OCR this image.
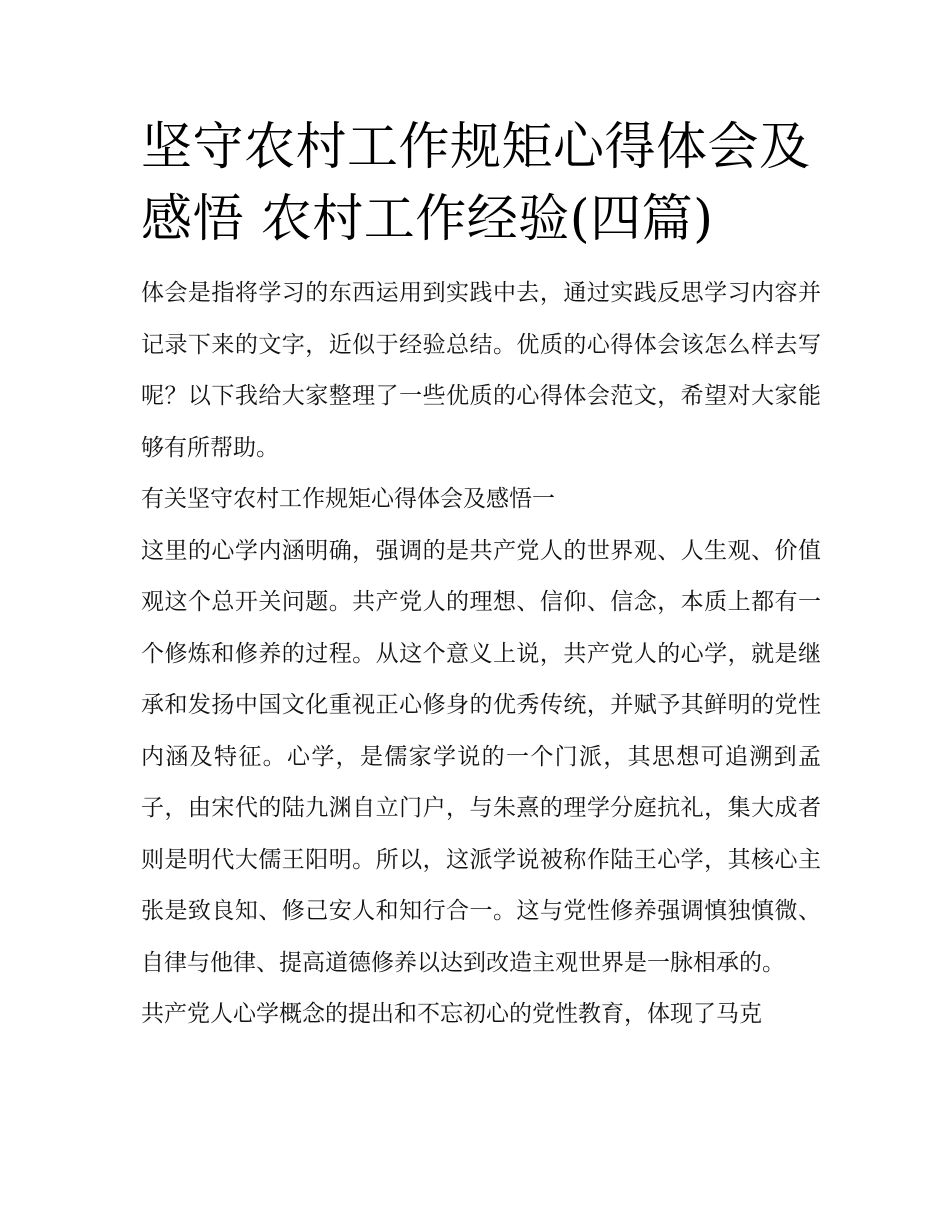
坚守农村工作规矩心得体会及感悟 农村工作经验(四篇)

体会是指将学习的东西运用到实践中去，通过实践反思学习内容并记录下来的文字，近似于经验总结。优质的心得体会该怎么样去写呢？以下我给大家整理了一些优质的心得体会范文，希望对大家能够有所帮助。

有关坚守农村工作规矩心得体会及感悟一

这里的心学内涵明确，强调的是共产党人的世界观、人生观、价值观这个总开关问题。共产党人的理想、信仰、信念，本质上都有一个修炼和修养的过程。从这个意义上说，共产党人的心学，就是继承和发扬中国文化重视正心修身的优秀传统，并赋予其鲜明的党性内涵及特征。心学，是儒家学说的一个门派，其思想可追溯到孟子，由宋代的陆九渊自立门户，与朱熹的理学分庭抗礼，集大成者则是明代大儒王阳明。所以，这派学说被称作陆王心学，其核心主张是致良知、修己安人和知行合一。这与党性修养强调慎独慎微、自律与他律、提高道德修养以达到改造主观世界是一脉相承的。

共产党人心学概念的提出和不忘初心的党性教育，体现了马克
